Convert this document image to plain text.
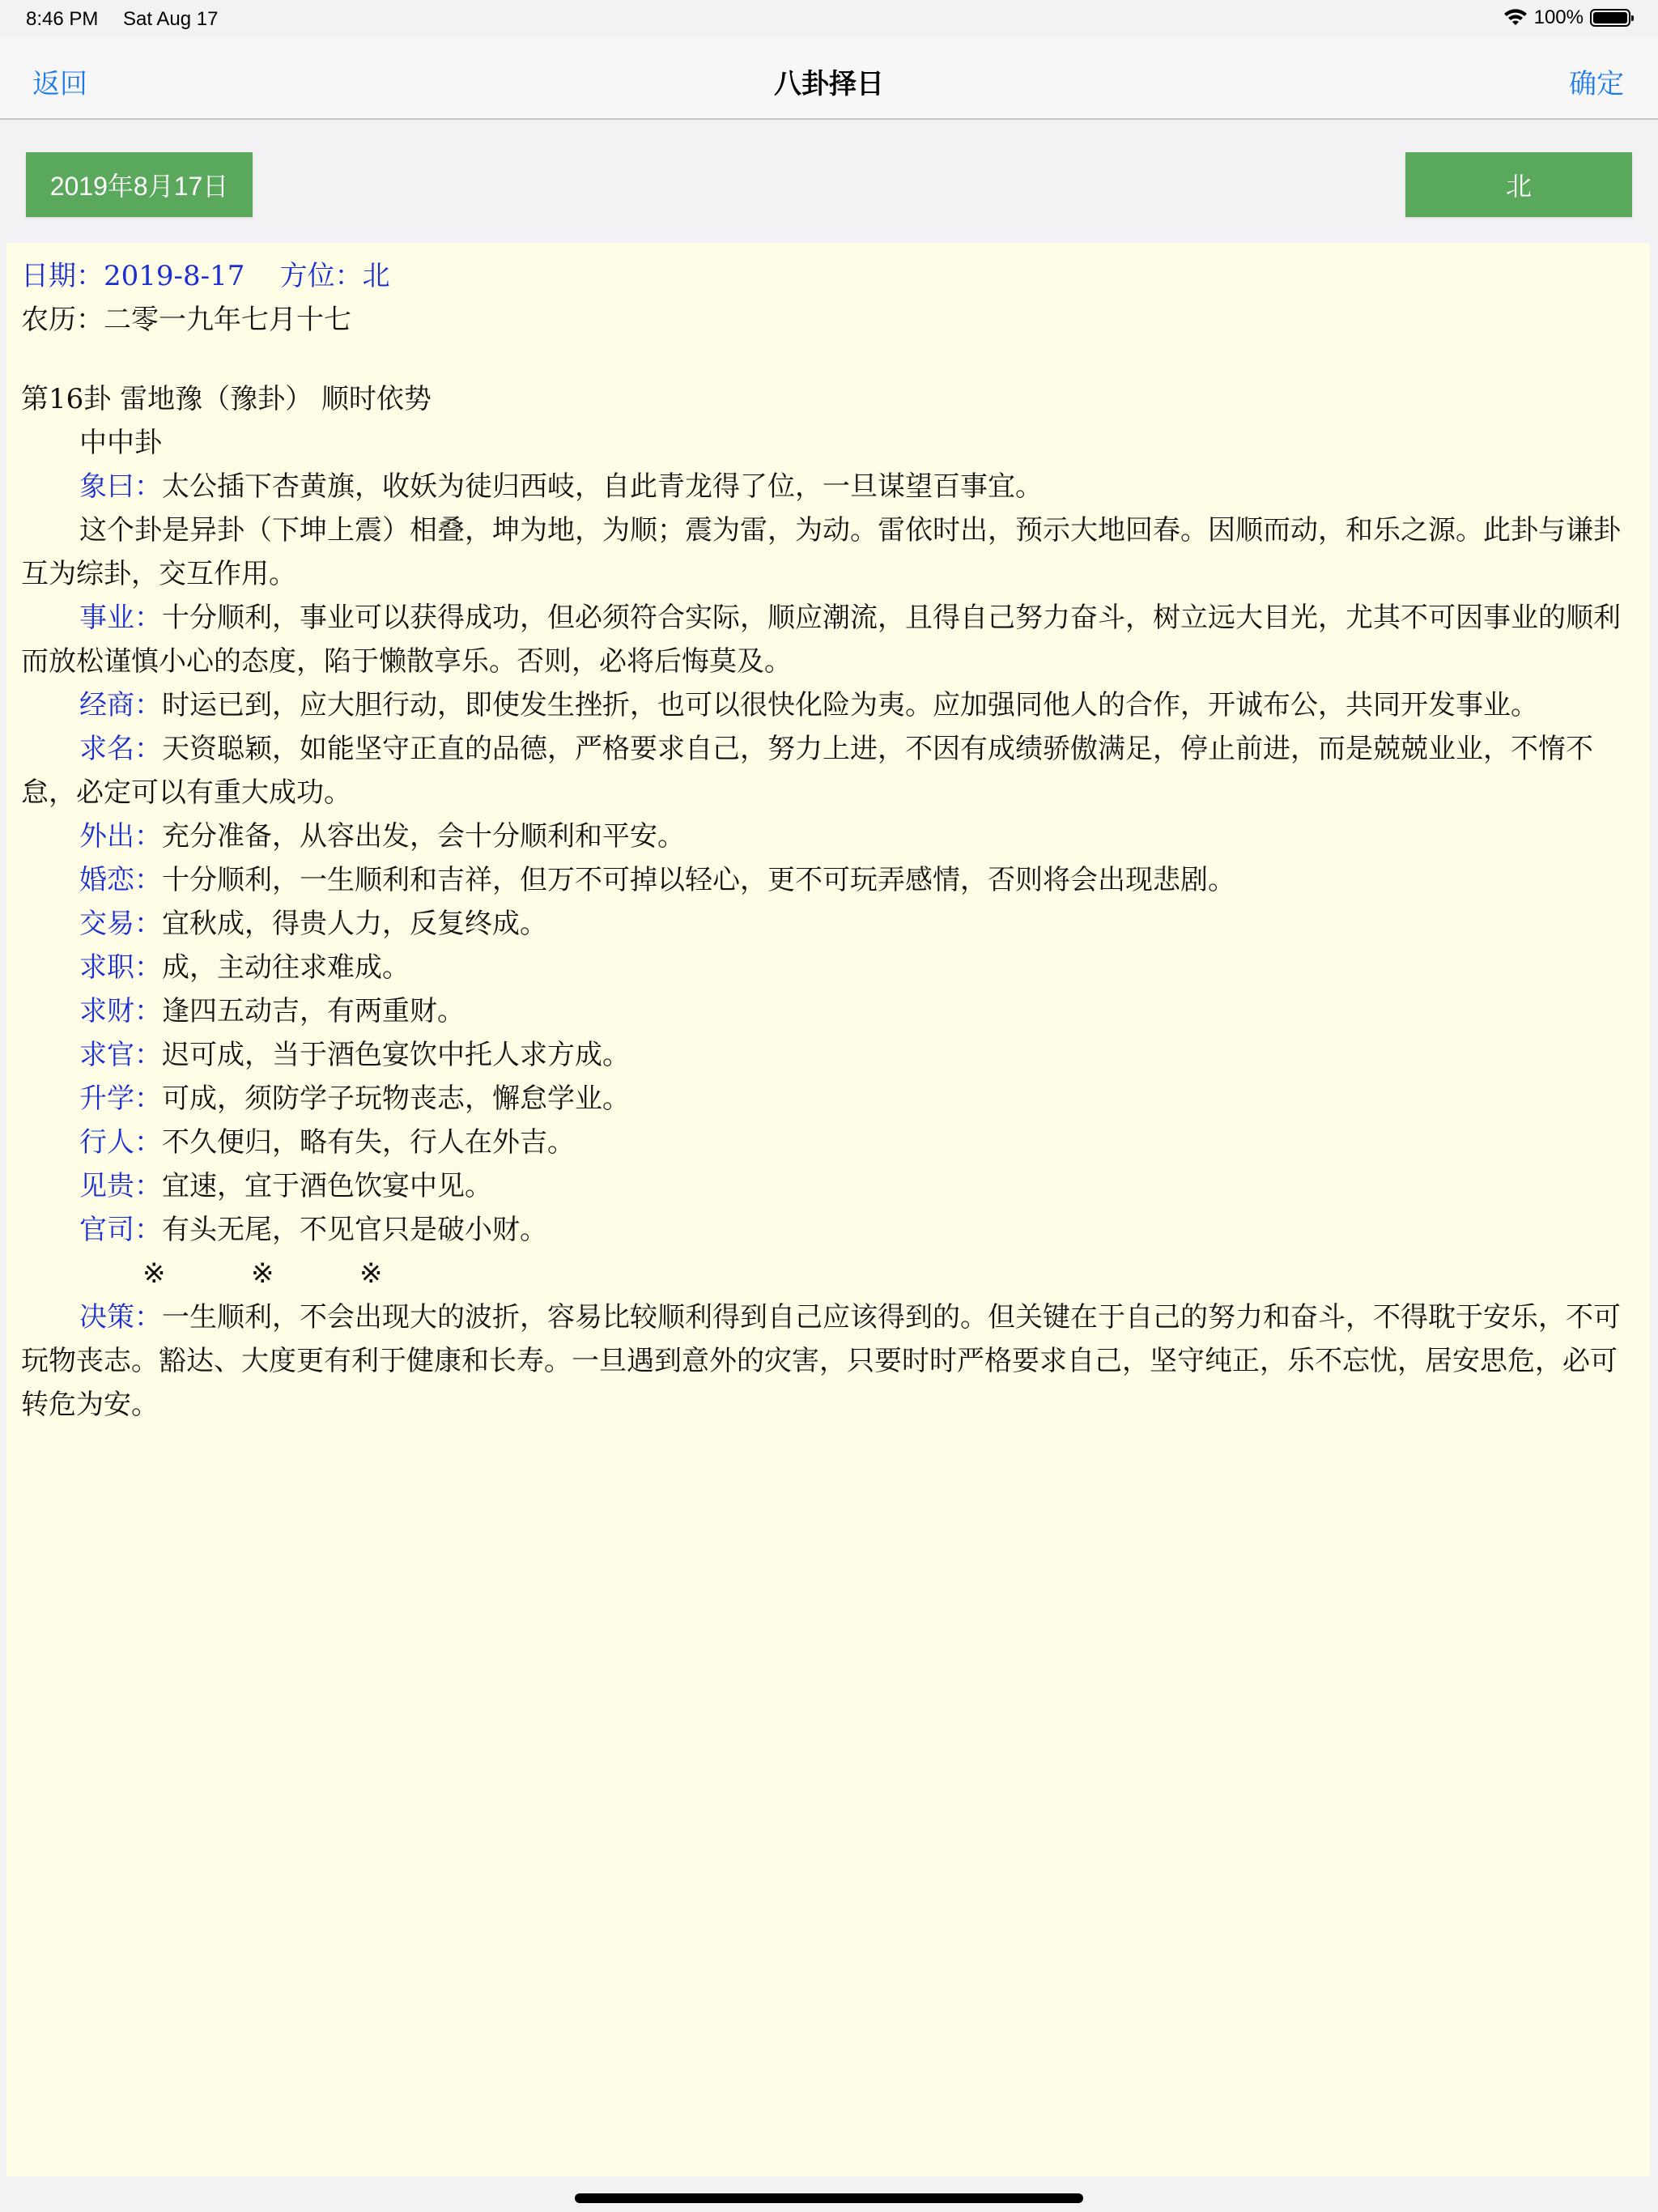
8:46 PM Sat Aug 17	100%
返回	八卦择日	确定
2019年8月17日	北
日期：2019-8-17 方位：北
农历：二零一九年七月十七
第16卦 雷地豫（豫卦） 顺时依势
中中卦
象曰：太公插下杏黄旗，收妖为徒归西岐，自此青龙得了位，一旦谋望百事宜。
这个卦是异卦（下坤上震）相叠，坤为地，为顺；震为雷，为动。雷依时出，预示大地回春。因顺而动，和乐之源。此卦与谦卦互为综卦，交互作用。
事业：十分顺利，事业可以获得成功，但必须符合实际，顺应潮流，且得自己努力奋斗，树立远大目光，尤其不可因事业的顺利而放松谨慎小心的态度，陷于懒散享乐。否则，必将后悔莫及。
经商：时运已到，应大胆行动，即使发生挫折，也可以很快化险为夷。应加强同他人的合作，开诚布公，共同开发事业。
求名：天资聪颖，如能坚守正直的品德，严格要求自己，努力上进，不因有成绩骄傲满足，停止前进，而是兢兢业业，不惰不怠，必定可以有重大成功。
外出：充分准备，从容出发，会十分顺利和平安。
婚恋：十分顺利，一生顺利和吉祥，但万不可掉以轻心，更不可玩弄感情，否则将会出现悲剧。
交易：宜秋成，得贵人力，反复终成。
求职：成，主动往求难成。
求财：逢四五动吉，有两重财。
求官：迟可成，当于酒色宴饮中托人求方成。
升学：可成，须防学子玩物丧志，懈怠学业。
行人：不久便归，略有失，行人在外吉。
见贵：宜速，宜于酒色饮宴中见。
官司：有头无尾，不见官只是破小财。
※	※	※
决策：一生顺利，不会出现大的波折，容易比较顺利得到自己应该得到的。但关键在于自己的努力和奋斗，不得耽于安乐，不可玩物丧志。豁达、大度更有利于健康和长寿。一旦遇到意外的灾害，只要时时严格要求自己，坚守纯正，乐不忘忧，居安思危，必可转危为安。
